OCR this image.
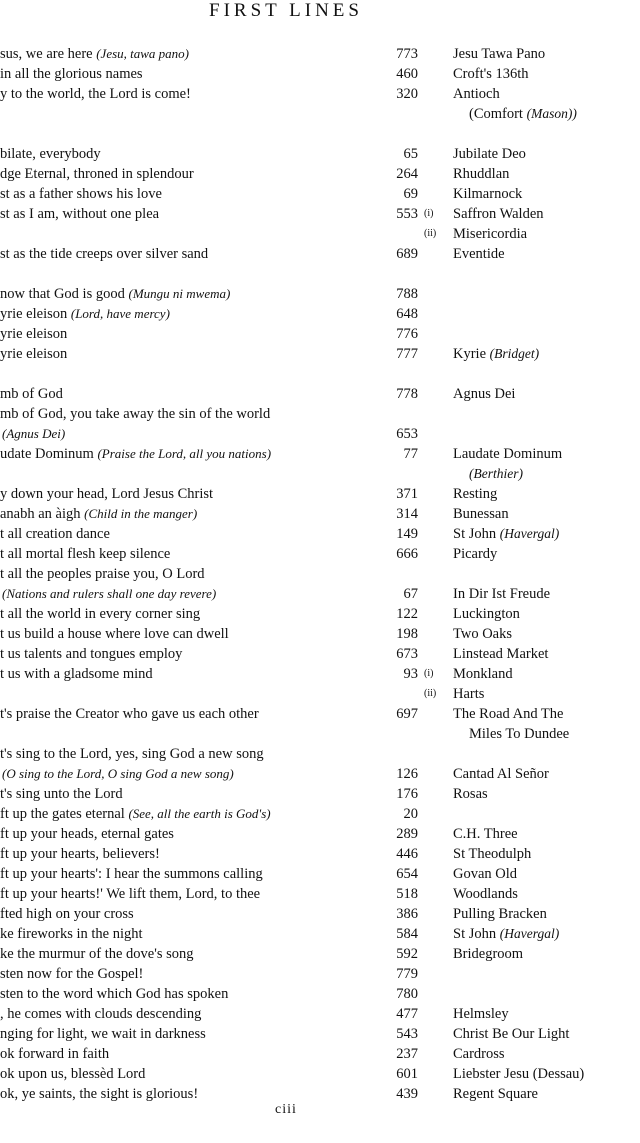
FIRST LINES
sus, we are here (Jesu, tawa pano)	773 Jesu Tawa Pano
in all the glorious names	460 Croft's 136th
y to the world, the Lord is come!	320 Antioch
(Comfort (Mason))
bilate, everybody	65 Jubilate Deo
dge Eternal, throned in splendour	264 Rhuddlan
st as a father shows his love	69 Kilmarnock
st as I am, without one plea	553 (i) Saffron Walden
(ii) Misericordia
st as the tide creeps over silver sand	689 Eventide
now that God is good (Mungu ni mwema)	788
yrie eleison (Lord, have mercy)	648
yrie eleison	776
yrie eleison	777 Kyrie (Bridget)
mb of God	778 Agnus Dei
mb of God, you take away the sin of the world
(Agnus Dei)	653
udate Dominum (Praise the Lord, all you nations)	77 Laudate Dominum
(Berthier)
y down your head, Lord Jesus Christ	371 Resting
anabh an àigh (Child in the manger)	314 Bunessan
t all creation dance	149 St John (Havergal)
t all mortal flesh keep silence	666 Picardy
t all the peoples praise you, O Lord
(Nations and rulers shall one day revere)	67 In Dir Ist Freude
t all the world in every corner sing	122 Luckington
t us build a house where love can dwell	198 Two Oaks
t us talents and tongues employ	673 Linstead Market
t us with a gladsome mind	93 (i) Monkland
(ii) Harts
t's praise the Creator who gave us each other	697 The Road And The
Miles To Dundee
t's sing to the Lord, yes, sing God a new song
(O sing to the Lord, O sing God a new song)	126 Cantad Al Señor
t's sing unto the Lord	176 Rosas
ft up the gates eternal (See, all the earth is God's)	20
ft up your heads, eternal gates	289 C.H. Three
ft up your hearts, believers!	446 St Theodulph
ft up your hearts': I hear the summons calling	654 Govan Old
ft up your hearts!' We lift them, Lord, to thee	518 Woodlands
fted high on your cross	386 Pulling Bracken
ke fireworks in the night	584 St John (Havergal)
ke the murmur of the dove's song	592 Bridegroom
sten now for the Gospel!	779
sten to the word which God has spoken	780
, he comes with clouds descending	477 Helmsley
nging for light, we wait in darkness	543 Christ Be Our Light
ok forward in faith	237 Cardross
ok upon us, blessèd Lord	601 Liebster Jesu (Dessau)
ok, ye saints, the sight is glorious!	439 Regent Square
ciii
